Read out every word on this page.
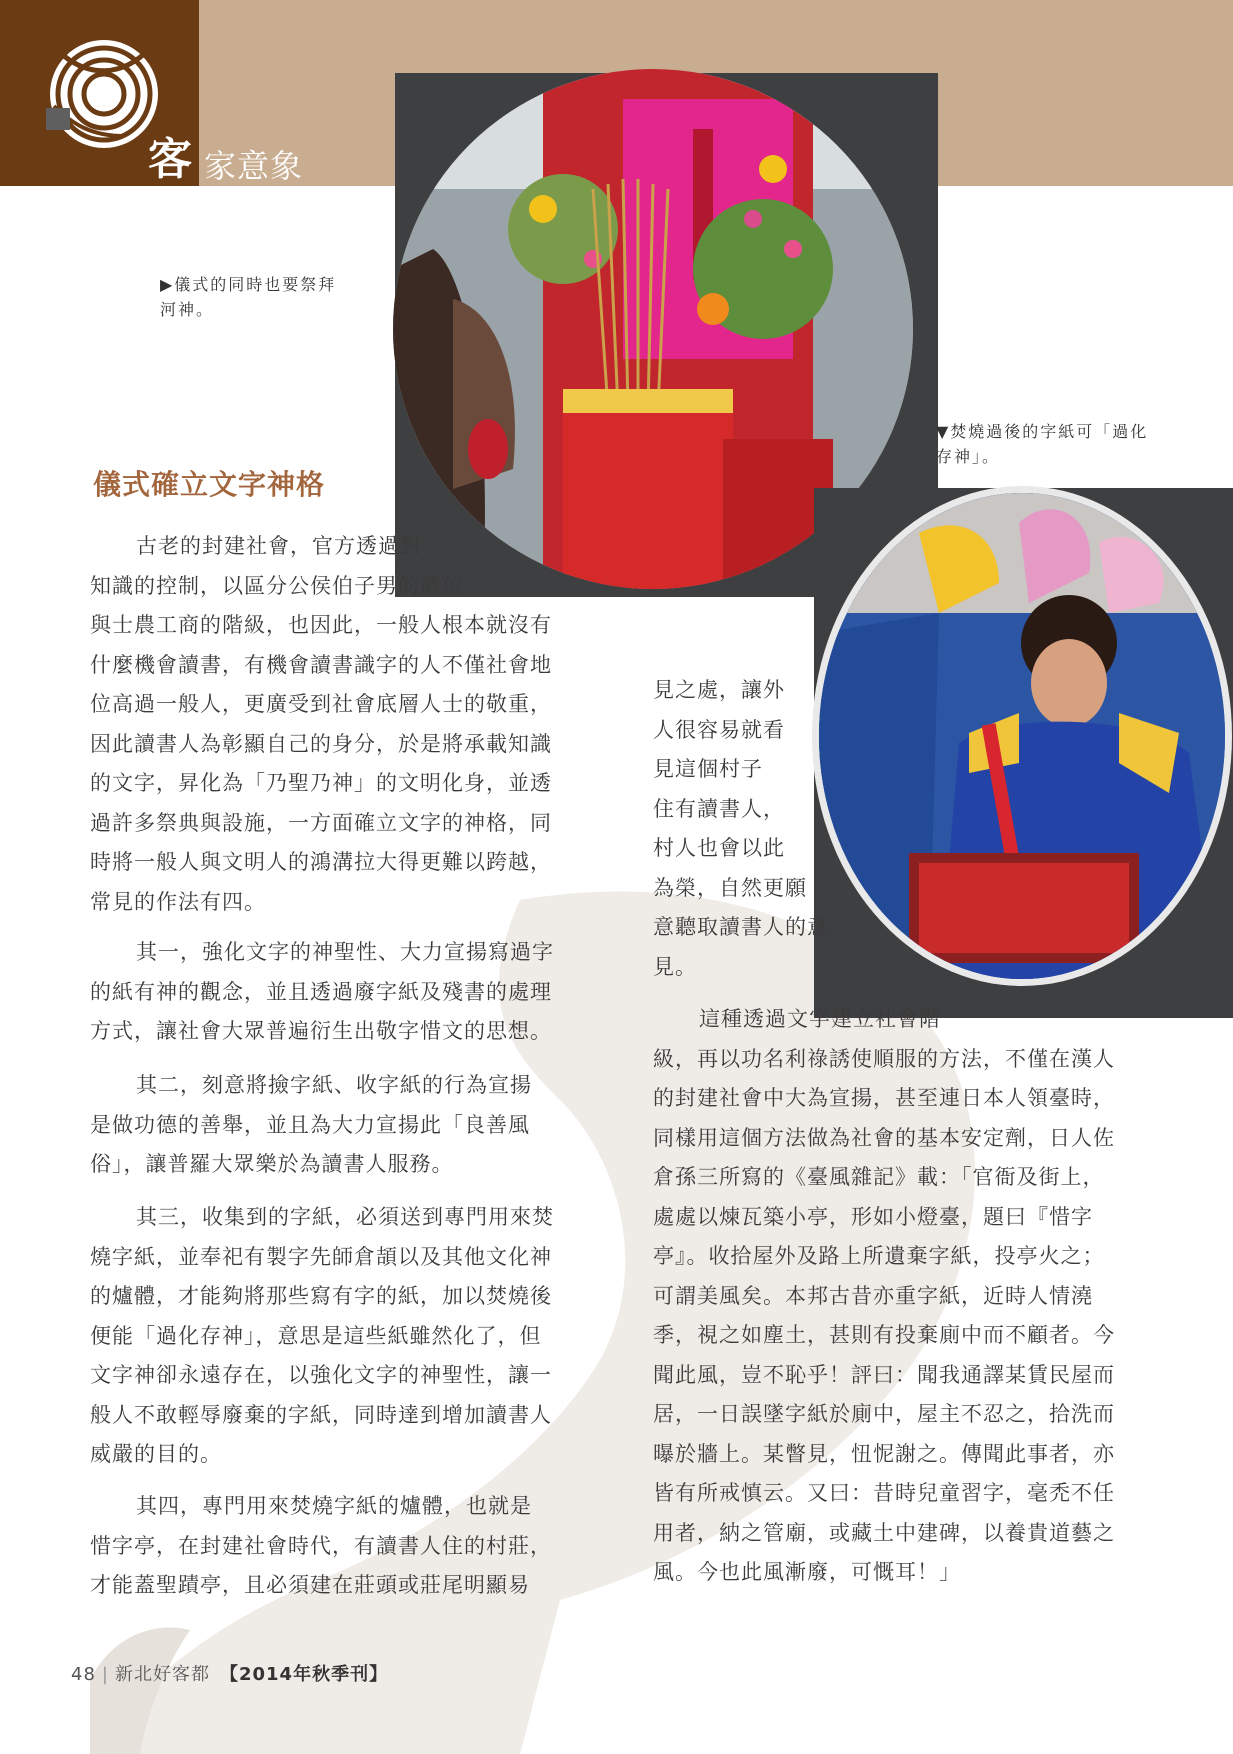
客 家意象
▶儀式的同時也要祭拜河神。
▼焚燒過後的字紙可「過化存神」。
儀式確立文字神格
古老的封建社會，官方透過對
知識的控制，以區分公侯伯子男的爵位
與士農工商的階級，也因此，一般人根本就沒有
什麼機會讀書，有機會讀書識字的人不僅社會地
位高過一般人，更廣受到社會底層人士的敬重，
因此讀書人為彰顯自己的身分，於是將承載知識
的文字，昇化為「乃聖乃神」的文明化身，並透
過許多祭典與設施，一方面確立文字的神格，同
時將一般人與文明人的鴻溝拉大得更難以跨越，
常見的作法有四。
其一，強化文字的神聖性、大力宣揚寫過字
的紙有神的觀念，並且透過廢字紙及殘書的處理
方式，讓社會大眾普遍衍生出敬字惜文的思想。
其二，刻意將撿字紙、收字紙的行為宣揚
是做功德的善舉，並且為大力宣揚此「良善風
俗」，讓普羅大眾樂於為讀書人服務。
其三，收集到的字紙，必須送到專門用來焚
燒字紙，並奉祀有製字先師倉頡以及其他文化神
的爐體，才能夠將那些寫有字的紙，加以焚燒後
便能「過化存神」，意思是這些紙雖然化了，但
文字神卻永遠存在，以強化文字的神聖性，讓一
般人不敢輕辱廢棄的字紙，同時達到增加讀書人
威嚴的目的。
其四，專門用來焚燒字紙的爐體，也就是
惜字亭，在封建社會時代，有讀書人住的村莊，
才能蓋聖蹟亭，且必須建在莊頭或莊尾明顯易
見之處，讓外
人很容易就看
見這個村子
住有讀書人，
村人也會以此
為榮，自然更願
意聽取讀書人的意
見。
這種透過文字建立社會階
級，再以功名利祿誘使順服的方法，不僅在漢人
的封建社會中大為宣揚，甚至連日本人領臺時，
同樣用這個方法做為社會的基本安定劑，日人佐
倉孫三所寫的《臺風雜記》載：「官衙及街上，
處處以煉瓦築小亭，形如小燈臺，題曰『惜字
亭』。收拾屋外及路上所遺棄字紙，投亭火之；
可謂美風矣。本邦古昔亦重字紙，近時人情澆
季，視之如塵土，甚則有投棄廁中而不顧者。今
聞此風，豈不恥乎！評曰：聞我通譯某賃民屋而
居，一日誤墜字紙於廁中，屋主不忍之，拾洗而
曝於牆上。某瞥見，忸怩謝之。傳聞此事者，亦
皆有所戒慎云。又曰：昔時兒童習字，毫禿不任
用者，納之管廟，或藏土中建碑，以養貴道藝之
風。今也此風漸廢，可慨耳！」
48 | 新北好客都 【2014年秋季刊】
